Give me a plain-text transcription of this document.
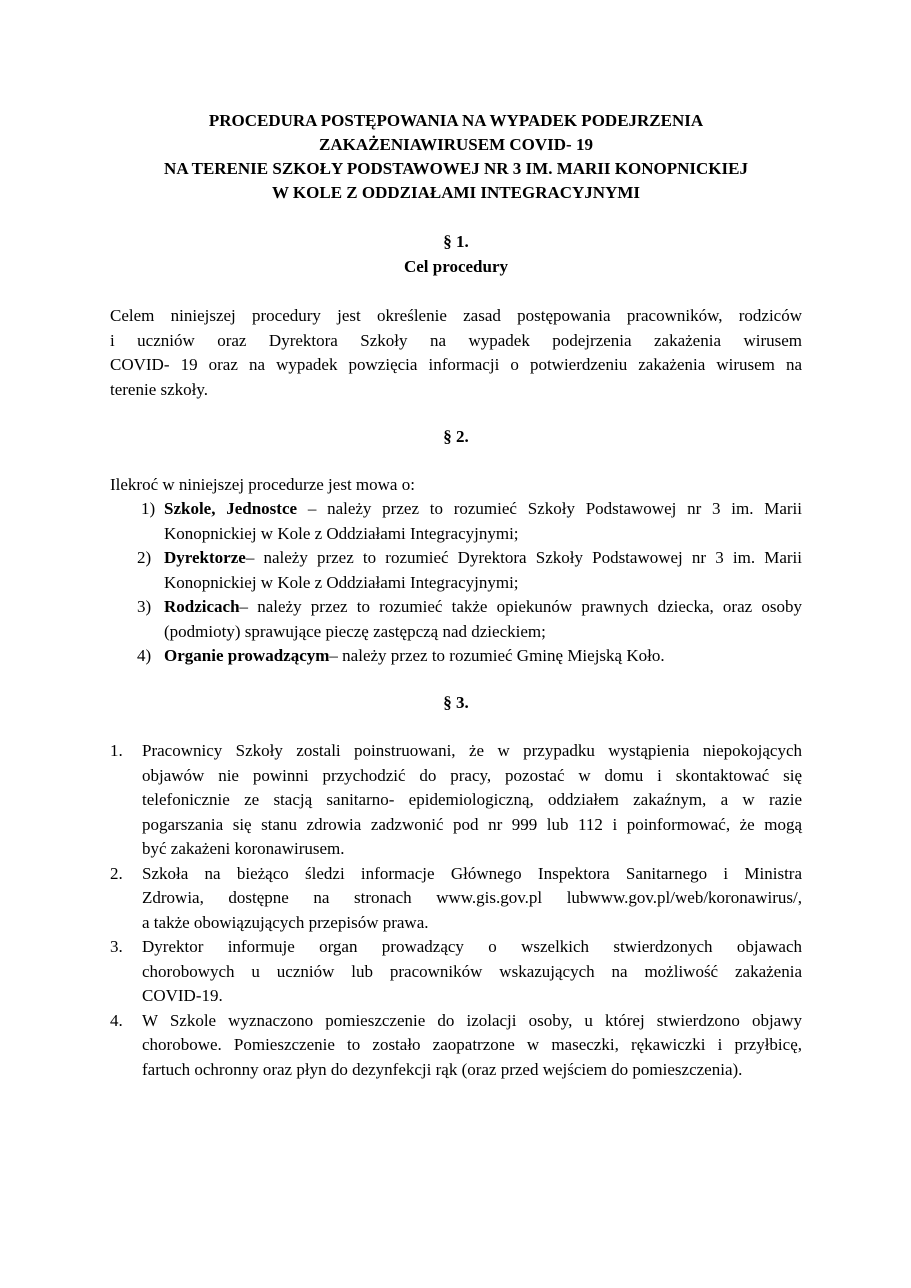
PROCEDURA POSTĘPOWANIA NA WYPADEK PODEJRZENIA
ZAKAŻENIAWIRUSEM COVID- 19
NA TERENIE SZKOŁY PODSTAWOWEJ NR 3 IM. MARII KONOPNICKIEJ
W KOLE Z ODDZIAŁAMI INTEGRACYJNYMI
§ 1.
Cel procedury
Celem niniejszej procedury jest określenie zasad postępowania pracowników, rodziców
i uczniów oraz Dyrektora Szkoły na wypadek podejrzenia zakażenia wirusem
COVID- 19 oraz na wypadek powzięcia informacji o potwierdzeniu zakażenia wirusem na
terenie szkoły.
§ 2.
Ilekroć w niniejszej procedurze jest mowa o:
1) Szkole, Jednostce – należy przez to rozumieć Szkoły Podstawowej nr 3 im. Marii
Konopnickiej w Kole z Oddziałami Integracyjnymi;
2) Dyrektorze– należy przez to rozumieć Dyrektora Szkoły Podstawowej nr 3 im. Marii
Konopnickiej w Kole z Oddziałami Integracyjnymi;
3) Rodzicach– należy przez to rozumieć także opiekunów prawnych dziecka, oraz osoby
(podmioty) sprawujące pieczę zastępczą nad dzieckiem;
4) Organie prowadzącym– należy przez to rozumieć Gminę Miejską Koło.
§ 3.
1. Pracownicy Szkoły zostali poinstruowani, że w przypadku wystąpienia niepokojących
objawów nie powinni przychodzić do pracy, pozostać w domu i skontaktować się
telefonicznie ze stacją sanitarno- epidemiologiczną, oddziałem zakaźnym, a w razie
pogarszania się stanu zdrowia zadzwonić pod nr 999 lub 112 i poinformować, że mogą
być zakażeni koronawirusem.
2. Szkoła na bieżąco śledzi informacje Głównego Inspektora Sanitarnego i Ministra
Zdrowia, dostępne na stronach www.gis.gov.pl lubwww.gov.pl/web/koronawirus/,
a także obowiązujących przepisów prawa.
3. Dyrektor informuje organ prowadzący o wszelkich stwierdzonych objawach
chorobowych u uczniów lub pracowników wskazujących na możliwość zakażenia
COVID-19.
4. W Szkole wyznaczono pomieszczenie do izolacji osoby, u której stwierdzono objawy
chorobowe. Pomieszczenie to zostało zaopatrzone w maseczki, rękawiczki i przyłbicę,
fartuch ochronny oraz płyn do dezynfekcji rąk (oraz przed wejściem do pomieszczenia).
